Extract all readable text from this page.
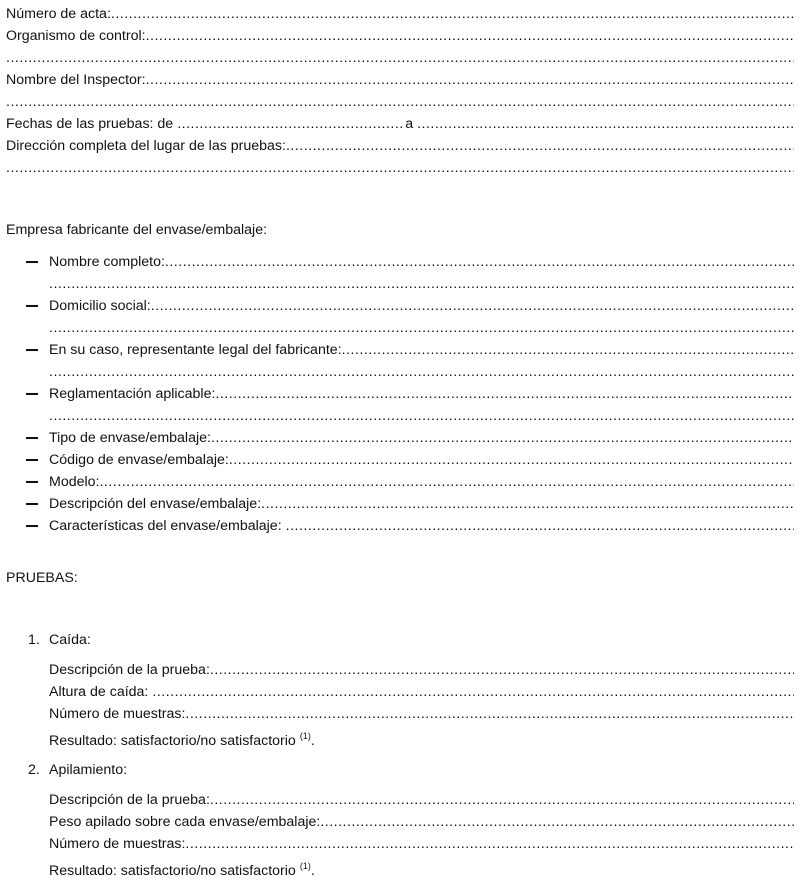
Número de acta:
.....
Organismo de control:
.....
.....
Nombre del Inspector:
.....
.....
Fechas de las pruebas: de
.....	a
.....
Dirección completa del lugar de las pruebas:
.....
.....
Empresa fabricante del envase/embalaje:
Nombre completo:
.....
.....
Domicilio social:
.....
.....
En su caso, representante legal del fabricante:
.....
.....
Reglamentación aplicable:
.....
.....
Tipo de envase/embalaje:
.....
Código de envase/embalaje:
.....
Modelo:
.....
Descripción del envase/embalaje:
.....
Características del envase/embalaje:
.....
PRUEBAS:
1. Caída:
Descripción de la prueba:
.....
Altura de caída:
.....
Número de muestras:
.....
Resultado: satisfactorio/no satisfactorio $^{(1)}$ .
2. Apilamiento:
Descripción de la prueba:
.....
Peso apilado sobre cada envase/embalaje:
.....
Número de muestras:
.....
Resultado: satisfactorio/no satisfactorio $^{(1)}$ .
